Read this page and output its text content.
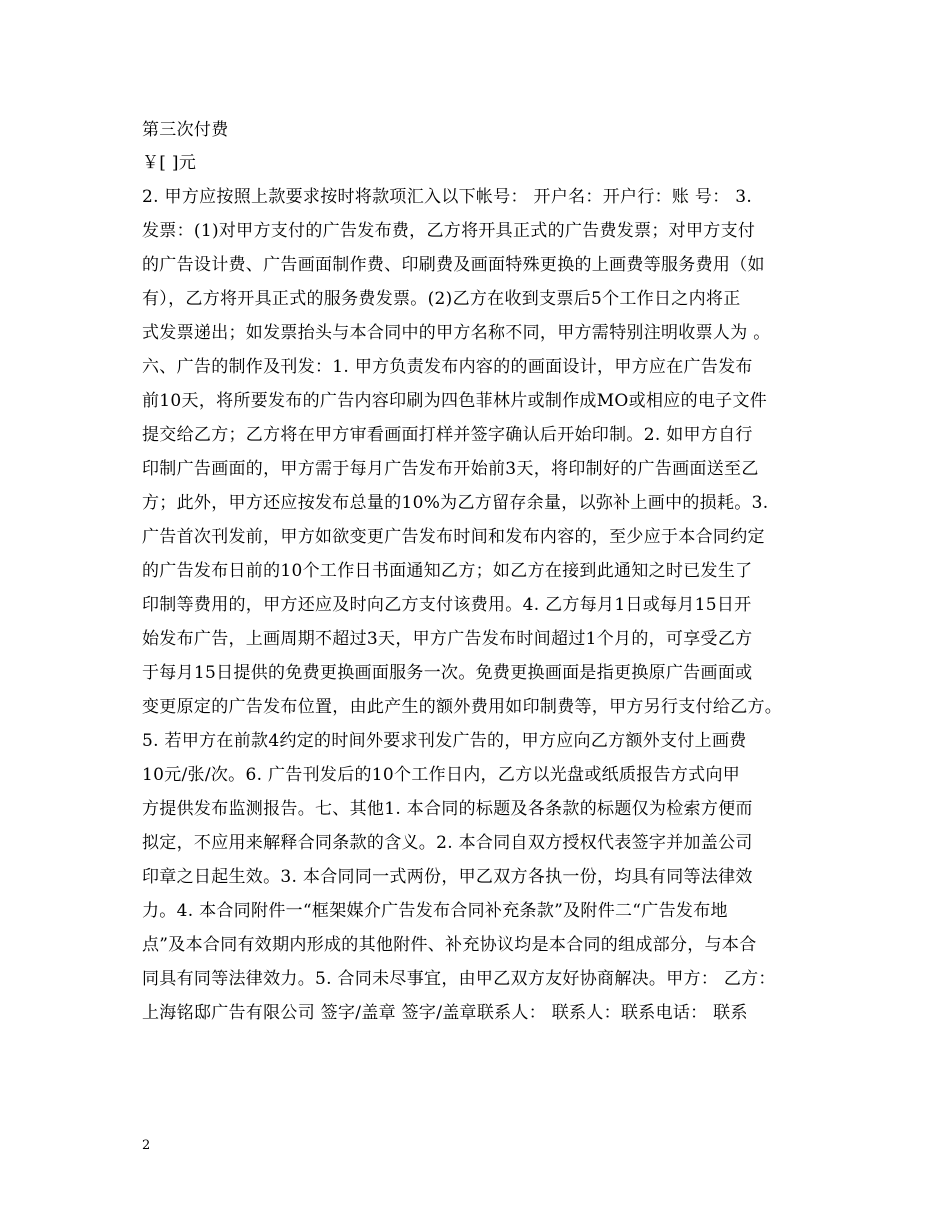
第三次付费
￥[ ]元
2. 甲方应按照上款要求按时将款项汇入以下帐号： 开户名：开户行：账 号： 3.
发票：(1)对甲方支付的广告发布费，乙方将开具正式的广告费发票；对甲方支付
的广告设计费、广告画面制作费、印刷费及画面特殊更换的上画费等服务费用（如
有），乙方将开具正式的服务费发票。(2)乙方在收到支票后5个工作日之内将正
式发票递出；如发票抬头与本合同中的甲方名称不同，甲方需特别注明收票人为 。
六、广告的制作及刊发：1. 甲方负责发布内容的的画面设计，甲方应在广告发布
前10天，将所要发布的广告内容印刷为四色菲林片或制作成MO或相应的电子文件
提交给乙方；乙方将在甲方审看画面打样并签字确认后开始印制。2. 如甲方自行
印制广告画面的，甲方需于每月广告发布开始前3天，将印制好的广告画面送至乙
方；此外，甲方还应按发布总量的10%为乙方留存余量，以弥补上画中的损耗。3.
广告首次刊发前，甲方如欲变更广告发布时间和发布内容的，至少应于本合同约定
的广告发布日前的10个工作日书面通知乙方；如乙方在接到此通知之时已发生了
印制等费用的，甲方还应及时向乙方支付该费用。4. 乙方每月1日或每月15日开
始发布广告，上画周期不超过3天，甲方广告发布时间超过1个月的，可享受乙方
于每月15日提供的免费更换画面服务一次。免费更换画面是指更换原广告画面或
变更原定的广告发布位置，由此产生的额外费用如印制费等，甲方另行支付给乙方。
5. 若甲方在前款4约定的时间外要求刊发广告的，甲方应向乙方额外支付上画费
10元/张/次。6. 广告刊发后的10个工作日内，乙方以光盘或纸质报告方式向甲
方提供发布监测报告。七、其他1. 本合同的标题及各条款的标题仅为检索方便而
拟定，不应用来解释合同条款的含义。2. 本合同自双方授权代表签字并加盖公司
印章之日起生效。3. 本合同同一式两份，甲乙双方各执一份，均具有同等法律效
力。4. 本合同附件一“框架媒介广告发布合同补充条款”及附件二“广告发布地
点”及本合同有效期内形成的其他附件、补充协议均是本合同的组成部分，与本合
同具有同等法律效力。5. 合同未尽事宜，由甲乙双方友好协商解决。甲方： 乙方：
上海铭邸广告有限公司 签字/盖章 签字/盖章联系人： 联系人：联系电话： 联系
2
